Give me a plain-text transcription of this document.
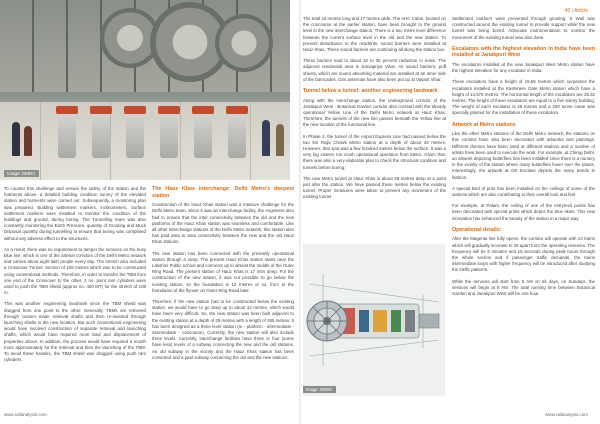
Image: DMRC

To counter this challenge and ensure the safety of the station and the hutments above, a detailed building condition survey of the elevated station and hutments were carried out. Subsequently, a monitoring plan was prepared. Building settlement markers, inclinometers, Surface settlement markers were installed to monitor the condition of the buildings and ground, during boring. The Tunnelling team was also constantly monitoring the Earth Pressure, quantity of Grouting and Muck Disposal quantity during tunnelling to ensure that boring was completed without any adverse effect to the structures.

As a result, there was no requirement to tamper the services on the busy blue line, which is one of the arterial corridors of the Delhi Metro network and carries about eight lakh people every day. The stretch also included a Crossover Tunnel. Section of 108 metres which was to be constructed using conventional methods. Therefore, in order to transfer the TBM from one end of the Crossover to the other, 2 no. point ram cylinders were used to push the TBM shield (approx no. 400 MT) for the stretch of 108 m.

This was another engineering landmark since the TBM shield was dragged from one point to the other. Generally, TBMs are retrieved through custom made retrieval shafts and then re-inserted through launching shafts in the new location. But such conventional engineering would have involved construction of separate retrieval and launching shafts, which would have required more land and displacement of properties above. In addition, the process would have required a month more approximately for the retrieval and then the launching of the TBM. To avoid these hassles, the TBM shield was dragged using push ram cylinders.

The Hauz Khas interchange: Delhi Metro's deepest station

Construction of the Hauz Khas station was a massive challenge for the Delhi Metro team. Since it was an interchange facility, the engineers also had to ensure that the inter connectivity between the old and the new platforms of the Hauz Khas station was seamless and comfortable. Like all other interchange stations of the Delhi Metro network, this station also has paid area to area connectivity between the new and the old Hauz Khas stations.

The new station has been connected with the presently operational station through a ramp. The present Hauz Khas station starts near the Lakshmi Public school and connects up to almost the middle of the Outer Ring Road. The present station of Hauz Khas is 17 mtrs deep. For the construction of the new station, it was not possible to go below the existing station, so the foundation is 12 metres or so, from to the foundation of the flyover on Outer Ring Road later.

Therefore, if the new station had to be constructed below the existing station, we would have to go deep up to about 42 metres, which would have been very difficult. So, the new station was been built adjacent to the existing station at a depth of 29 metres with a length of 285 metres. It has been designed as a three level station (re - platform - intermediate - intermediate - concourse). Currently, the new station will also include three levels. Currently, interchange facilities have three or four (some have less) levels of a subway connecting the new and the old stations. An old subway in the vicinity and the Hauz Khas station has been converted and a paid subway connecting the old and the new stations.

www.railanalysis.com
40 | Article

The total 43 metres long and 17 metres wide. The AHC Cabin, located on the concourse at the earlier station, have been brought to the ground level in the new interchange station. There is a two metre level difference between the current surface level in the old and the new station. To prevent disturbance to the residents, sound barriers were installed at Hauz Khas. These sound barriers are continuing all along the station box.

These barriers lead to about 32 to 35 percent reduction in noise. The adjacent residential area is Sarvapriya Vihar. As sound barriers, puff sheets, which are sound absorbing material are installed at an inner side of the barricades. Gris antennas have also been put up at Vasant Vihar.

Tunnel below a tunnel: another engineering landmark

Along with the interchange station, the underground corridor of the Janakpuri West - Botanical Garden corridor also crossed with the already operational Yellow Line of the Delhi Metro network at Hauz Khas. Therefore, the tunnels of the new line passes beneath the Yellow line at the new location of the functional line.

In Phase 2, the tunnel of the Airport Express Line had passed below the two km Rajiv Chowk Metro station at a depth of about 43 metres. However, that spot was a few hundred metres below the surface. It was a very big sixteen ton crush operational operation from Metro. Given that, there was also a very elaborate plan to check the structural condition and tunnels before boring.

The new Metro tunnel at Hauz Khas is about 28 metres deep at a point just after the station. We have passed these metres below the existing tunnel. Proper measures were taken to prevent any movement of the existing tunnel.

Image: DMRC

Settlement markers were prevented through grouting. It Wall was constructed around the existing tunnel to provide support while the new tunnel was being bored. Adequate instrumentation to monitor the movement of the existing tunnel was also done.

Escalators with the highest elevation in India have been installed at Janakpuri West

The escalators installed at the new Janakpuri West Metro station have the highest elevation for any escalator in India.

These escalators have a height of 15.65 metres which surpasses the escalators installed at the Kashmere Gate Metro station which have a height of 14.575 metres. The horizontal length of the escalators are 35.32 metres. The height of these escalators are equal to a five storey building. The weight of each escalator is 28 tonnes and a 250 tonne crane was specially planted for the installation of these escalators.

Artwork at Metro stations

Like the other Metro stations of the Delhi Metro network, the stations on this corridor have also been decorated with artworks and paintings. Different themes have been used at different stations and a number of artists have been used to execute the work. For example, at Chirag Delhi, an artwork depicting butterflies has been installed since there is a nursery in the vicinity of the station where many butterflies hover over the plants. Interestingly, the artwork at GK Enclave depicts the many trends in fashion.

A special kind of print has been installed on the ceilings of some of the stations which are also contributing to their overall look and feel.

For example, at Palam, the ceiling of one of the entry/exit points has been decorated with special prints which depict the blue skies. This new innovation has enhanced the beauty of the station in a major way.

Operational details:

After the Magenta line fully opens, the corridor will operate with 24 trains which will gradually increase to 26 apart from the operating reserves. The frequency will be 5 minutes and 15 seconds during peak hours through the whole section and if passenger traffic demands, the trains intermediate loops with higher frequency will be introduced after studying the traffic patterns.

While the services will start from 6 AM on all days, on Sundays, the services will begin at 8 AM. The total running time between Botanical Garden and Janakpuri West will be one hour.

www.railanalysis.com
